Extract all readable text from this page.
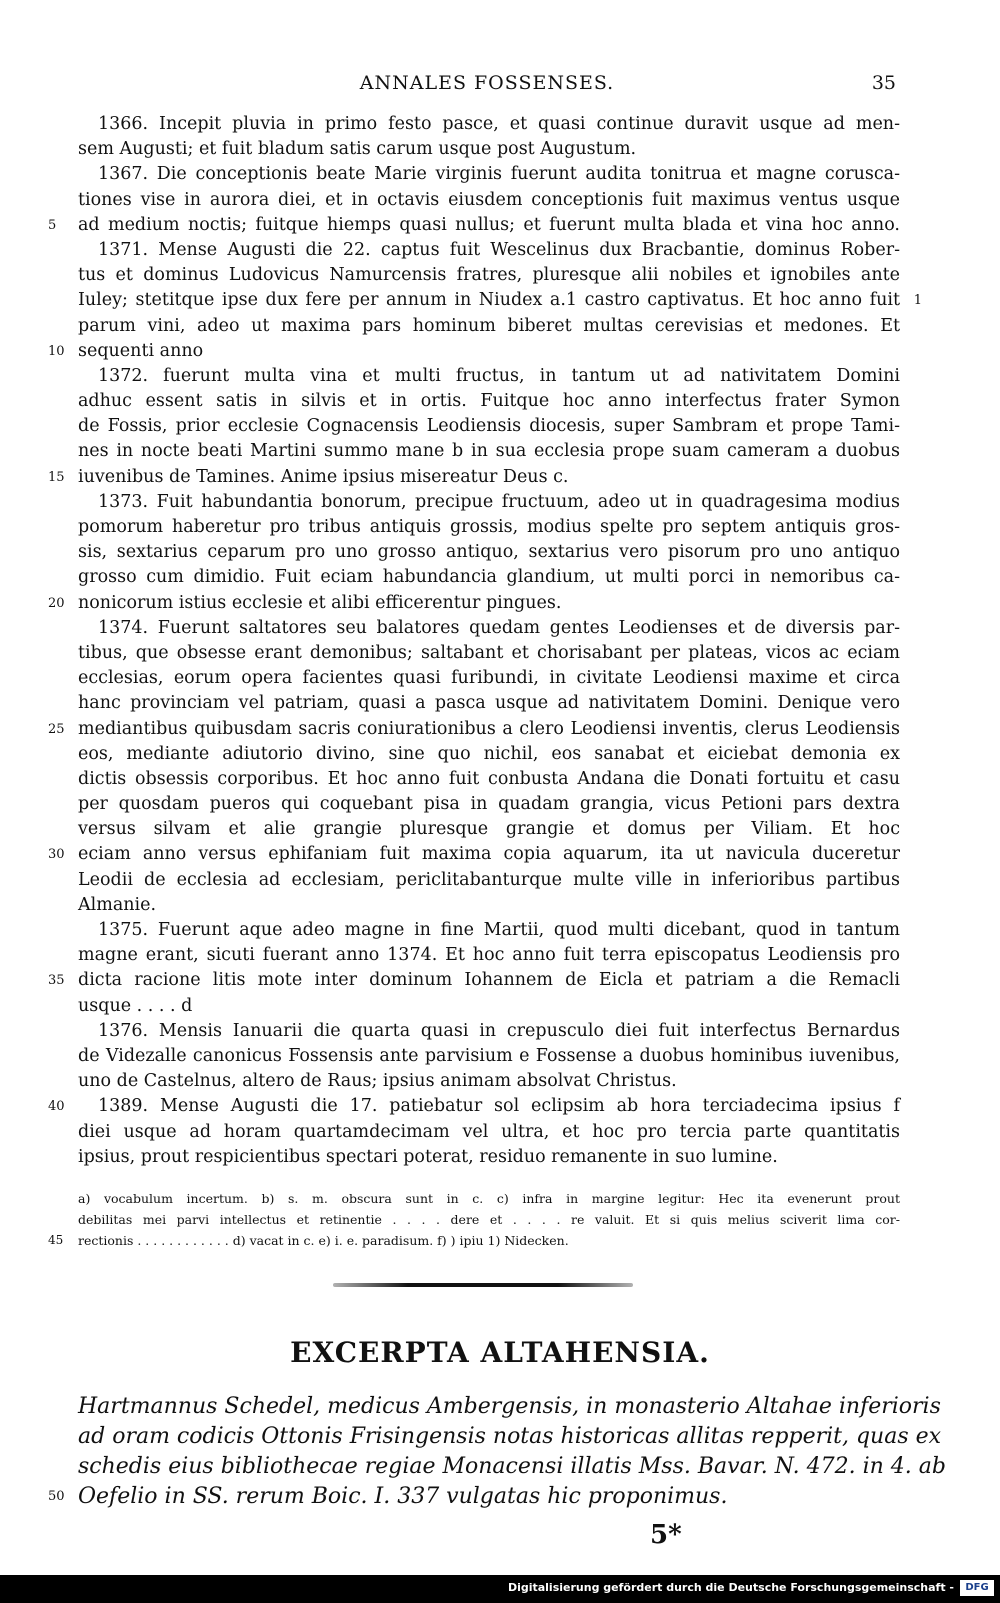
ANNALES FOSSENSES.	35
1366. Incepit pluvia in primo festo pasce, et quasi continue duravit usque ad men-
sem Augusti; et fuit bladum satis carum usque post Augustum.
1367. Die conceptionis beate Marie virginis fuerunt audita tonitrua et magne corusca-
tiones vise in aurora diei, et in octavis eiusdem conceptionis fuit maximus ventus usque
ad medium noctis; fuitque hiemps quasi nullus; et fuerunt multa blada et vina hoc anno.
5
1371. Mense Augusti die 22. captus fuit Wescelinus dux Bracbantie, dominus Rober-
tus et dominus Ludovicus Namurcensis fratres, pluresque alii nobiles et ignobiles ante
Iuley; stetitque ipse dux fere per annum in Niudex a.1 castro captivatus. Et hoc anno fuit 1
parum vini, adeo ut maxima pars hominum biberet multas cerevisias et medones. Et
sequenti anno
10
1372. fuerunt multa vina et multi fructus, in tantum ut ad nativitatem Domini
adhuc essent satis in silvis et in ortis. Fuitque hoc anno interfectus frater Symon
de Fossis, prior ecclesie Cognacensis Leodiensis diocesis, super Sambram et prope Tami-
nes in nocte beati Martini summo mane b in sua ecclesia prope suam cameram a duobus
iuvenibus de Tamines. Anime ipsius misereatur Deus c.
15
1373. Fuit habundantia bonorum, precipue fructuum, adeo ut in quadragesima modius
pomorum haberetur pro tribus antiquis grossis, modius spelte pro septem antiquis gros-
sis, sextarius ceparum pro uno grosso antiquo, sextarius vero pisorum pro uno antiquo
grosso cum dimidio. Fuit eciam habundancia glandium, ut multi porci in nemoribus ca-
nonicorum istius ecclesie et alibi efficerentur pingues.
20
1374. Fuerunt saltatores seu balatores quedam gentes Leodienses et de diversis par-
tibus, que obsesse erant demonibus; saltabant et chorisabant per plateas, vicos ac eciam
ecclesias, eorum opera facientes quasi furibundi, in civitate Leodiensi maxime et circa
hanc provinciam vel patriam, quasi a pasca usque ad nativitatem Domini. Denique vero
mediantibus quibusdam sacris coniurationibus a clero Leodiensi inventis, clerus Leodiensis
25
eos, mediante adiutorio divino, sine quo nichil, eos sanabat et eiciebat demonia ex
dictis obsessis corporibus. Et hoc anno fuit conbusta Andana die Donati fortuitu et casu
per quosdam pueros qui coquebant pisa in quadam grangia, vicus Petioni pars dextra
versus silvam et alie grangie pluresque grangie et domus per Viliam. Et hoc
eciam anno versus ephifaniam fuit maxima copia aquarum, ita ut navicula duceretur
30
Leodii de ecclesia ad ecclesiam, periclitabanturque multe ville in inferioribus partibus
Almanie.
1375. Fuerunt aque adeo magne in fine Martii, quod multi dicebant, quod in tantum
magne erant, sicuti fuerant anno 1374. Et hoc anno fuit terra episcopatus Leodiensis pro
dicta racione litis mote inter dominum Iohannem de Eicla et patriam a die Remacli
35
usque . . . . d
1376. Mensis Ianuarii die quarta quasi in crepusculo diei fuit interfectus Bernardus
de Videzalle canonicus Fossensis ante parvisium e Fossense a duobus hominibus iuvenibus,
uno de Castelnus, altero de Raus; ipsius animam absolvat Christus.
1389. Mense Augusti die 17. patiebatur sol eclipsim ab hora terciadecima ipsius f
40
diei usque ad horam quartamdecimam vel ultra, et hoc pro tercia parte quantitatis
ipsius, prout respicientibus spectari poterat, residuo remanente in suo lumine.
a) vocabulum incertum. b) s. m. obscura sunt in c. c) infra in margine legitur: Hec ita evenerunt prout
debilitas mei parvi intellectus et retinentie . . . . dere et . . . . re valuit. Et si quis melius sciverit lima cor-
rectionis . . . . . . . . . . . . d) vacat in c. e) i. e. paradisum. f) ) ipiu 1) Nidecken.
45
EXCERPTA ALTAHENSIA.
Hartmannus Schedel, medicus Ambergensis, in monasterio Altahae inferioris
ad oram codicis Ottonis Frisingensis notas historicas allitas repperit, quas ex
schedis eius bibliothecae regiae Monacensi illatis Mss. Bavar. N. 472. in 4. ab
Oefelio in SS. rerum Boic. I. 337 vulgatas hic proponimus.
50
5*
Digitalisierung gefördert durch die Deutsche Forschungsgemeinschaft -	DFG
